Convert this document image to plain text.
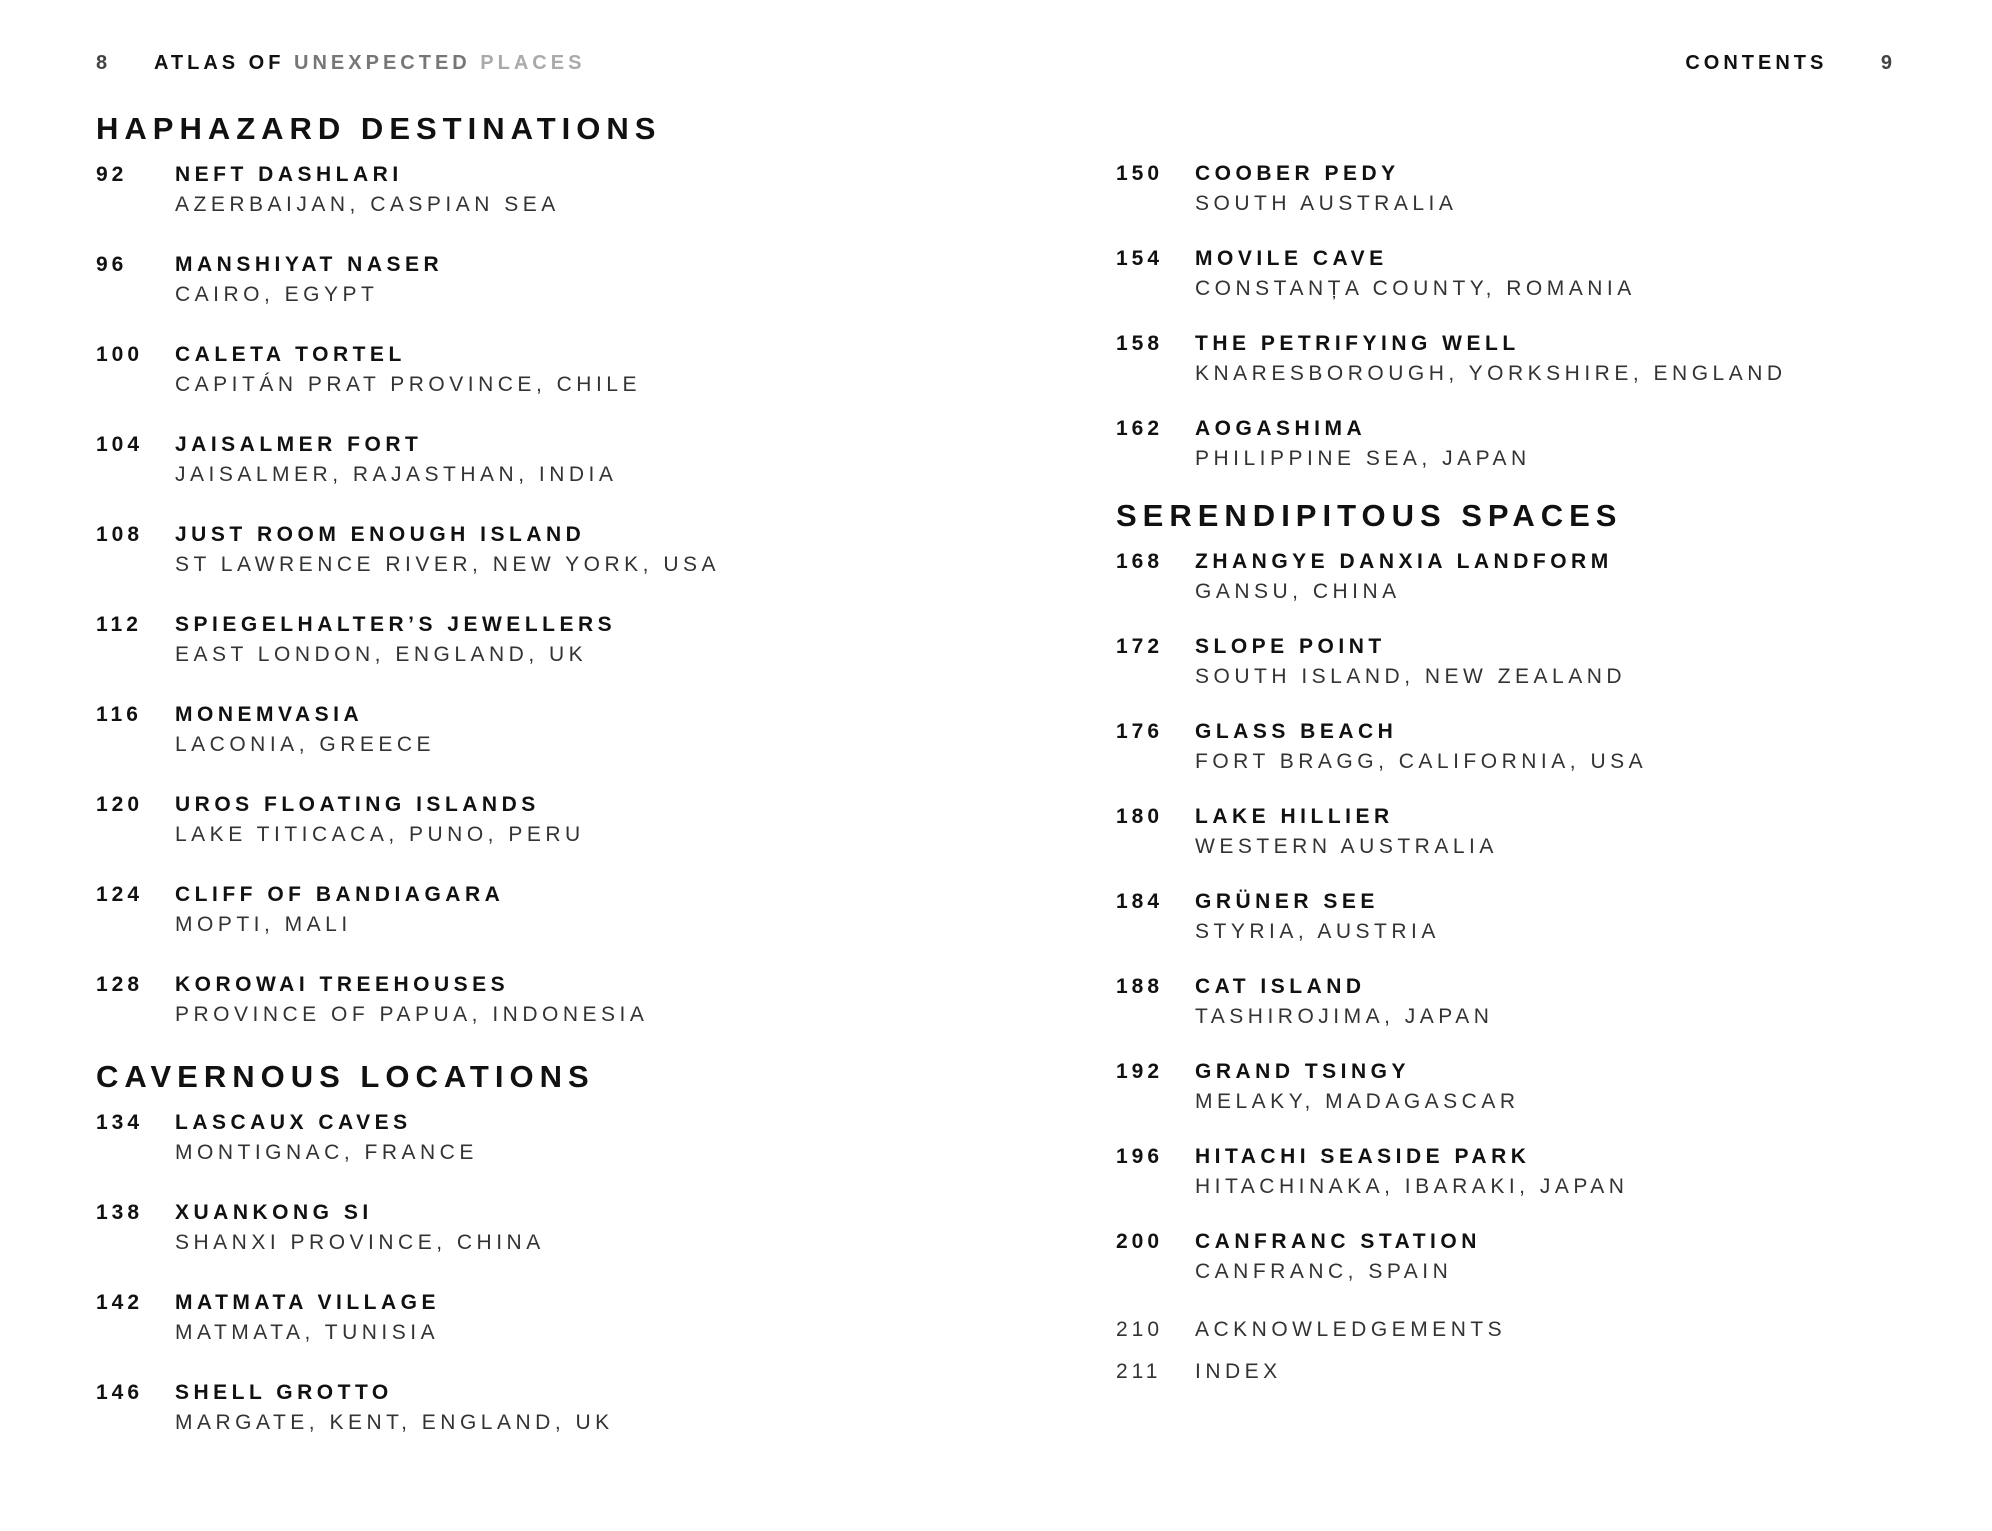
8 ATLAS OF UNEXPECTED PLACES
HAPHAZARD DESTINATIONS
92 NEFT DASHLARI
AZERBAIJAN, CASPIAN SEA
96 MANSHIYAT NASER
CAIRO, EGYPT
100 CALETA TORTEL
CAPITÁN PRAT PROVINCE, CHILE
104 JAISALMER FORT
JAISALMER, RAJASTHAN, INDIA
108 JUST ROOM ENOUGH ISLAND
ST LAWRENCE RIVER, NEW YORK, USA
112 SPIEGELHALTER’S JEWELLERS
EAST LONDON, ENGLAND, UK
116 MONEMVASIA
LACONIA, GREECE
120 UROS FLOATING ISLANDS
LAKE TITICACA, PUNO, PERU
124 CLIFF OF BANDIAGARA
MOPTI, MALI
128 KOROWAI TREEHOUSES
PROVINCE OF PAPUA, INDONESIA
CAVERNOUS LOCATIONS
134 LASCAUX CAVES
MONTIGNAC, FRANCE
138 XUANKONG SI
SHANXI PROVINCE, CHINA
142 MATMATA VILLAGE
MATMATA, TUNISIA
146 SHELL GROTTO
MARGATE, KENT, ENGLAND, UK
CONTENTS	9
150 COOBER PEDY
SOUTH AUSTRALIA
154 MOVILE CAVE
CONSTANȚA COUNTY, ROMANIA
158 THE PETRIFYING WELL
KNARESBOROUGH, YORKSHIRE, ENGLAND
162 AOGASHIMA
PHILIPPINE SEA, JAPAN
SERENDIPITOUS SPACES
168 ZHANGYE DANXIA LANDFORM
GANSU, CHINA
172 SLOPE POINT
SOUTH ISLAND, NEW ZEALAND
176 GLASS BEACH
FORT BRAGG, CALIFORNIA, USA
180 LAKE HILLIER
WESTERN AUSTRALIA
184 GRÜNER SEE
STYRIA, AUSTRIA
188 CAT ISLAND
TASHIROJIMA, JAPAN
192 GRAND TSINGY
MELAKY, MADAGASCAR
196 HITACHI SEASIDE PARK
HITACHINAKA, IBARAKI, JAPAN
200 CANFRANC STATION
CANFRANC, SPAIN
210 ACKNOWLEDGEMENTS
211 INDEX
